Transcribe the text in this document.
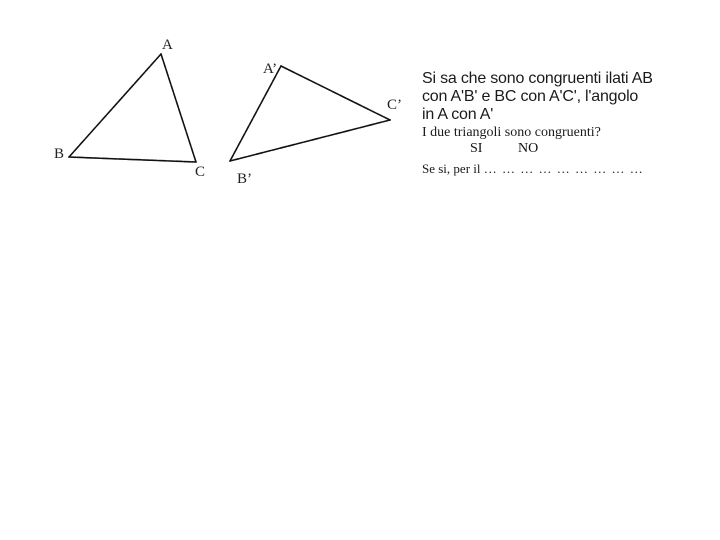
A
B
C
A’
B’
C’
Si sa che sono congruenti ilati AB
con A'B' e BC con A'C', l'angolo
in A con A'
I due triangoli sono congruenti?
SI	NO
Se si, per il … … … … … … … … …
